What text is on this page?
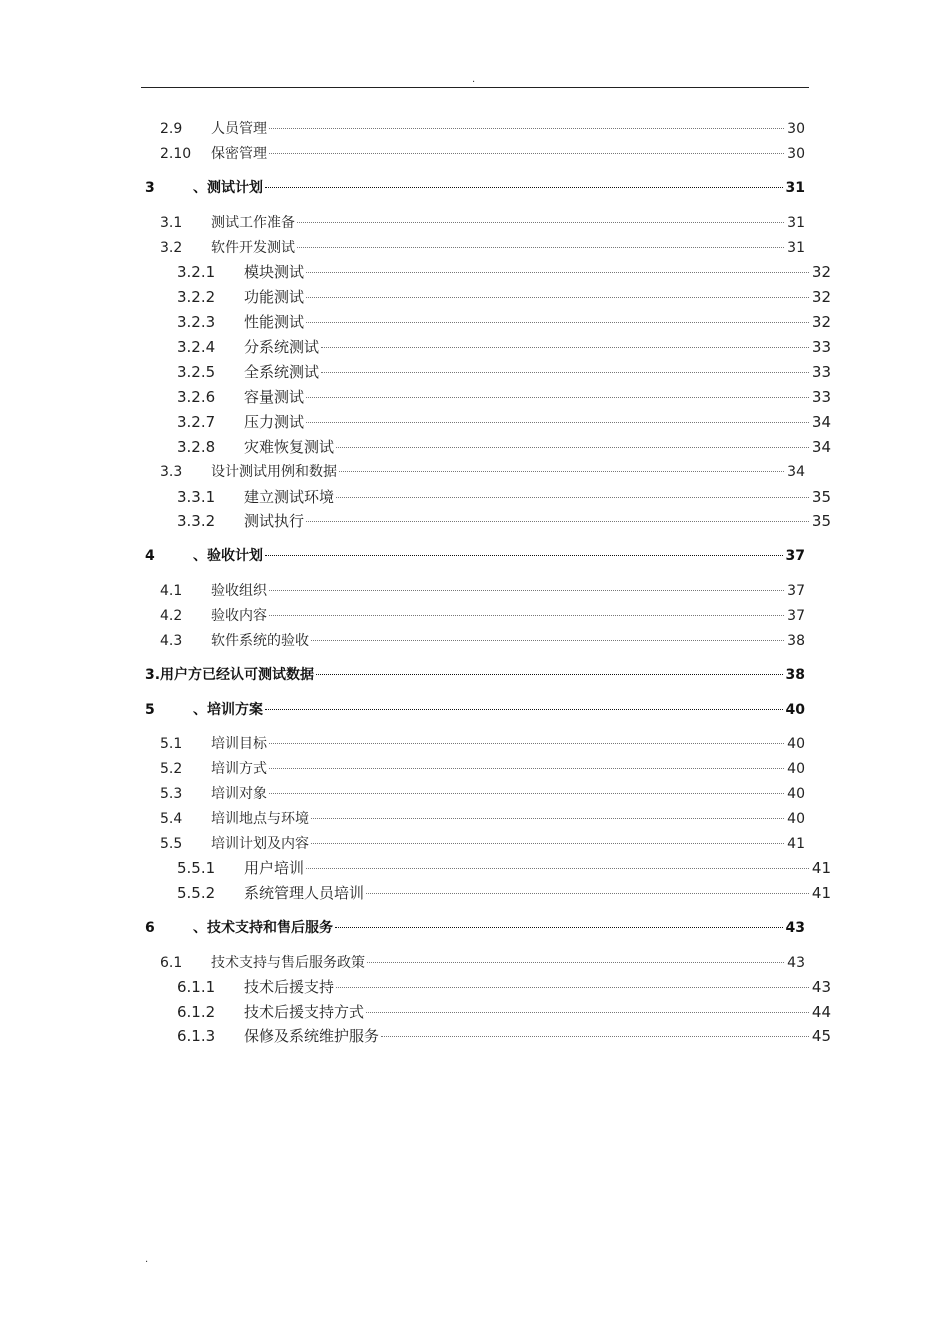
.
2.9	人员管理	30
2.10	保密管理	30
3	、测试计划	31
3.1	测试工作准备	31
3.2	软件开发测试	31
3.2.1	模块测试	32
3.2.2	功能测试	32
3.2.3	性能测试	32
3.2.4	分系统测试	33
3.2.5	全系统测试	33
3.2.6	容量测试	33
3.2.7	压力测试	34
3.2.8	灾难恢复测试	34
3.3	设计测试用例和数据	34
3.3.1	建立测试环境	35
3.3.2	测试执行	35
4	、验收计划	37
4.1	验收组织	37
4.2	验收内容	37
4.3	软件系统的验收	38
3.用户方已经认可测试数据	38
5	、培训方案	40
5.1	培训目标	40
5.2	培训方式	40
5.3	培训对象	40
5.4	培训地点与环境	40
5.5	培训计划及内容	41
5.5.1	用户培训	41
5.5.2	系统管理人员培训	41
6	、技术支持和售后服务	43
6.1	技术支持与售后服务政策	43
6.1.1	技术后援支持	43
6.1.2	技术后援支持方式	44
6.1.3	保修及系统维护服务	45
.
